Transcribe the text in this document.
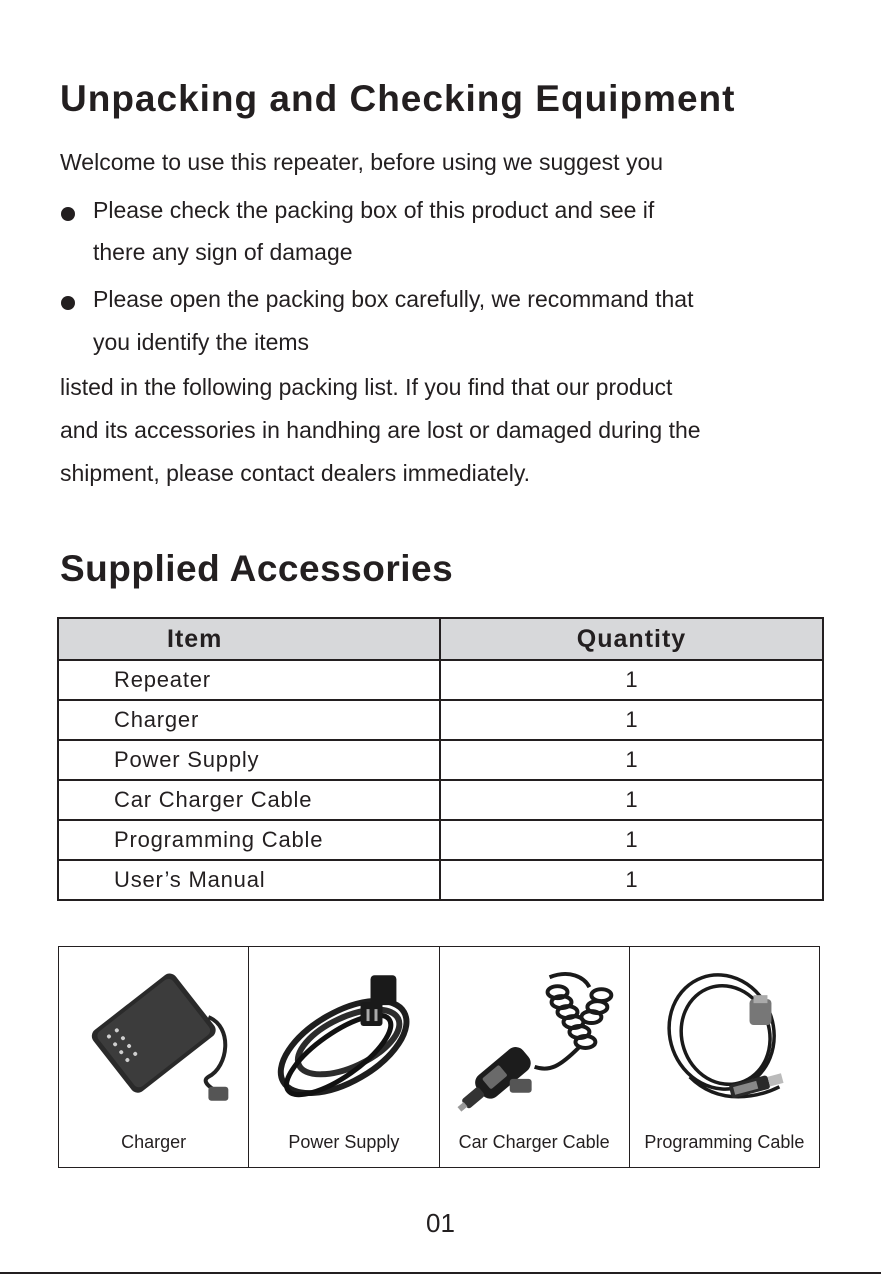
Unpacking and Checking Equipment

Welcome to use this repeater, before using we suggest you

Please check the packing box of this product and see if

there any sign of damage

Please open the packing box carefully, we recommand that

you identify the items

listed in the following packing list. If you find that our product

and its accessories in handhing are lost or damaged during the

shipment, please contact dealers immediately.

Supplied Accessories
Item	Quantity
Repeater	1
Charger	1
Power Supply	1
Car Charger Cable	1
Programming Cable	1
User’s Manual	1
Charger	Power Supply	Car Charger Cable	Programming Cable
01
